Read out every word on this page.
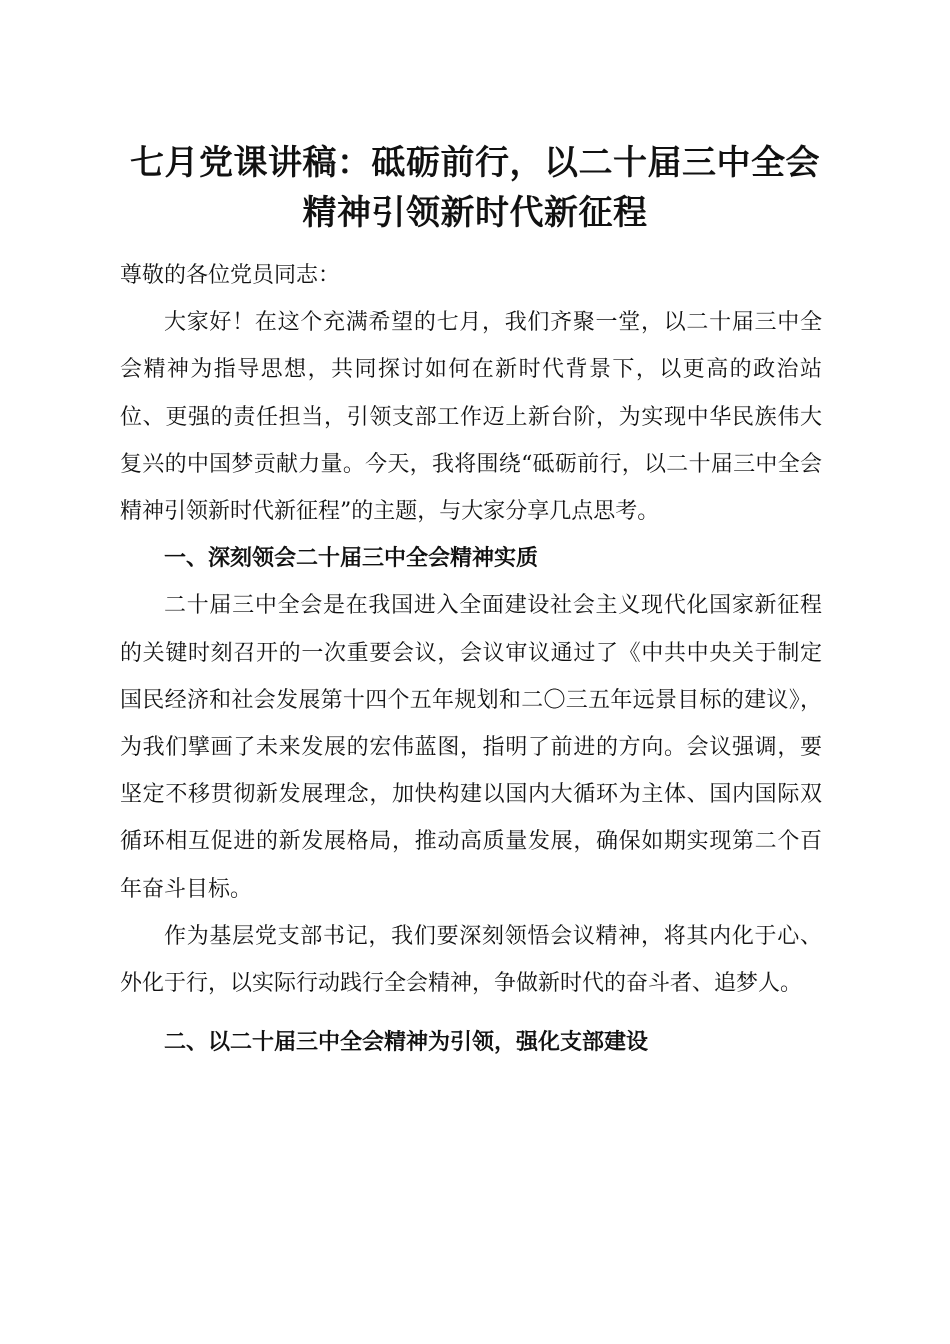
七月党课讲稿：砥砺前行，以二十届三中全会
精神引领新时代新征程

尊敬的各位党员同志：

大家好！在这个充满希望的七月，我们齐聚一堂，以二十届三中全会精神为指导思想，共同探讨如何在新时代背景下，以更高的政治站位、更强的责任担当，引领支部工作迈上新台阶，为实现中华民族伟大复兴的中国梦贡献力量。今天，我将围绕“砥砺前行，以二十届三中全会精神引领新时代新征程”的主题，与大家分享几点思考。

一、深刻领会二十届三中全会精神实质

二十届三中全会是在我国进入全面建设社会主义现代化国家新征程的关键时刻召开的一次重要会议，会议审议通过了《中共中央关于制定国民经济和社会发展第十四个五年规划和二〇三五年远景目标的建议》，为我们擘画了未来发展的宏伟蓝图，指明了前进的方向。会议强调，要坚定不移贯彻新发展理念，加快构建以国内大循环为主体、国内国际双循环相互促进的新发展格局，推动高质量发展，确保如期实现第二个百年奋斗目标。

作为基层党支部书记，我们要深刻领悟会议精神，将其内化于心、外化于行，以实际行动践行全会精神，争做新时代的奋斗者、追梦人。

二、以二十届三中全会精神为引领，强化支部建设
